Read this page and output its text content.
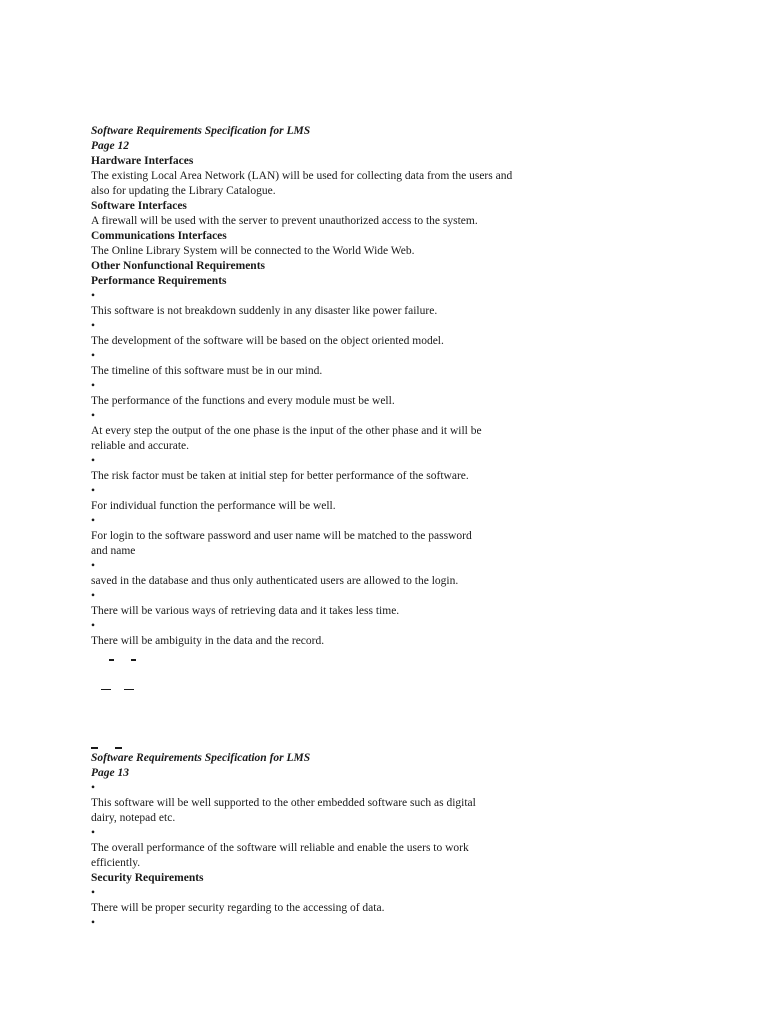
Software Requirements Specification for LMS

Page 12

Hardware Interfaces

The existing Local Area Network (LAN) will be used for collecting data from the users and

also for updating the Library Catalogue.

Software Interfaces

A firewall will be used with the server to prevent unauthorized access to the system.

Communications Interfaces

The Online Library System will be connected to the World Wide Web.

Other Nonfunctional Requirements

Performance Requirements

•

This software is not breakdown suddenly in any disaster like power failure.

•

The development of the software will be based on the object oriented model.

•

The timeline of this software must be in our mind.

•

The performance of the functions and every module must be well.

•

At every step the output of the one phase is the input of the other phase and it will be

reliable and accurate.

•

The risk factor must be taken at initial step for better performance of the software.

•

For individual function the performance will be well.

•

For login to the software password and user name will be matched to the password

and name

•

saved in the database and thus only authenticated users are allowed to the login.

•

There will be various ways of retrieving data and it takes less time.

•

There will be ambiguity in the data and the record.

Software Requirements Specification for LMS

Page 13

•

This software will be well supported to the other embedded software such as digital

dairy, notepad etc.

•

The overall performance of the software will reliable and enable the users to work

efficiently.

Security Requirements

•

There will be proper security regarding to the accessing of data.

•
